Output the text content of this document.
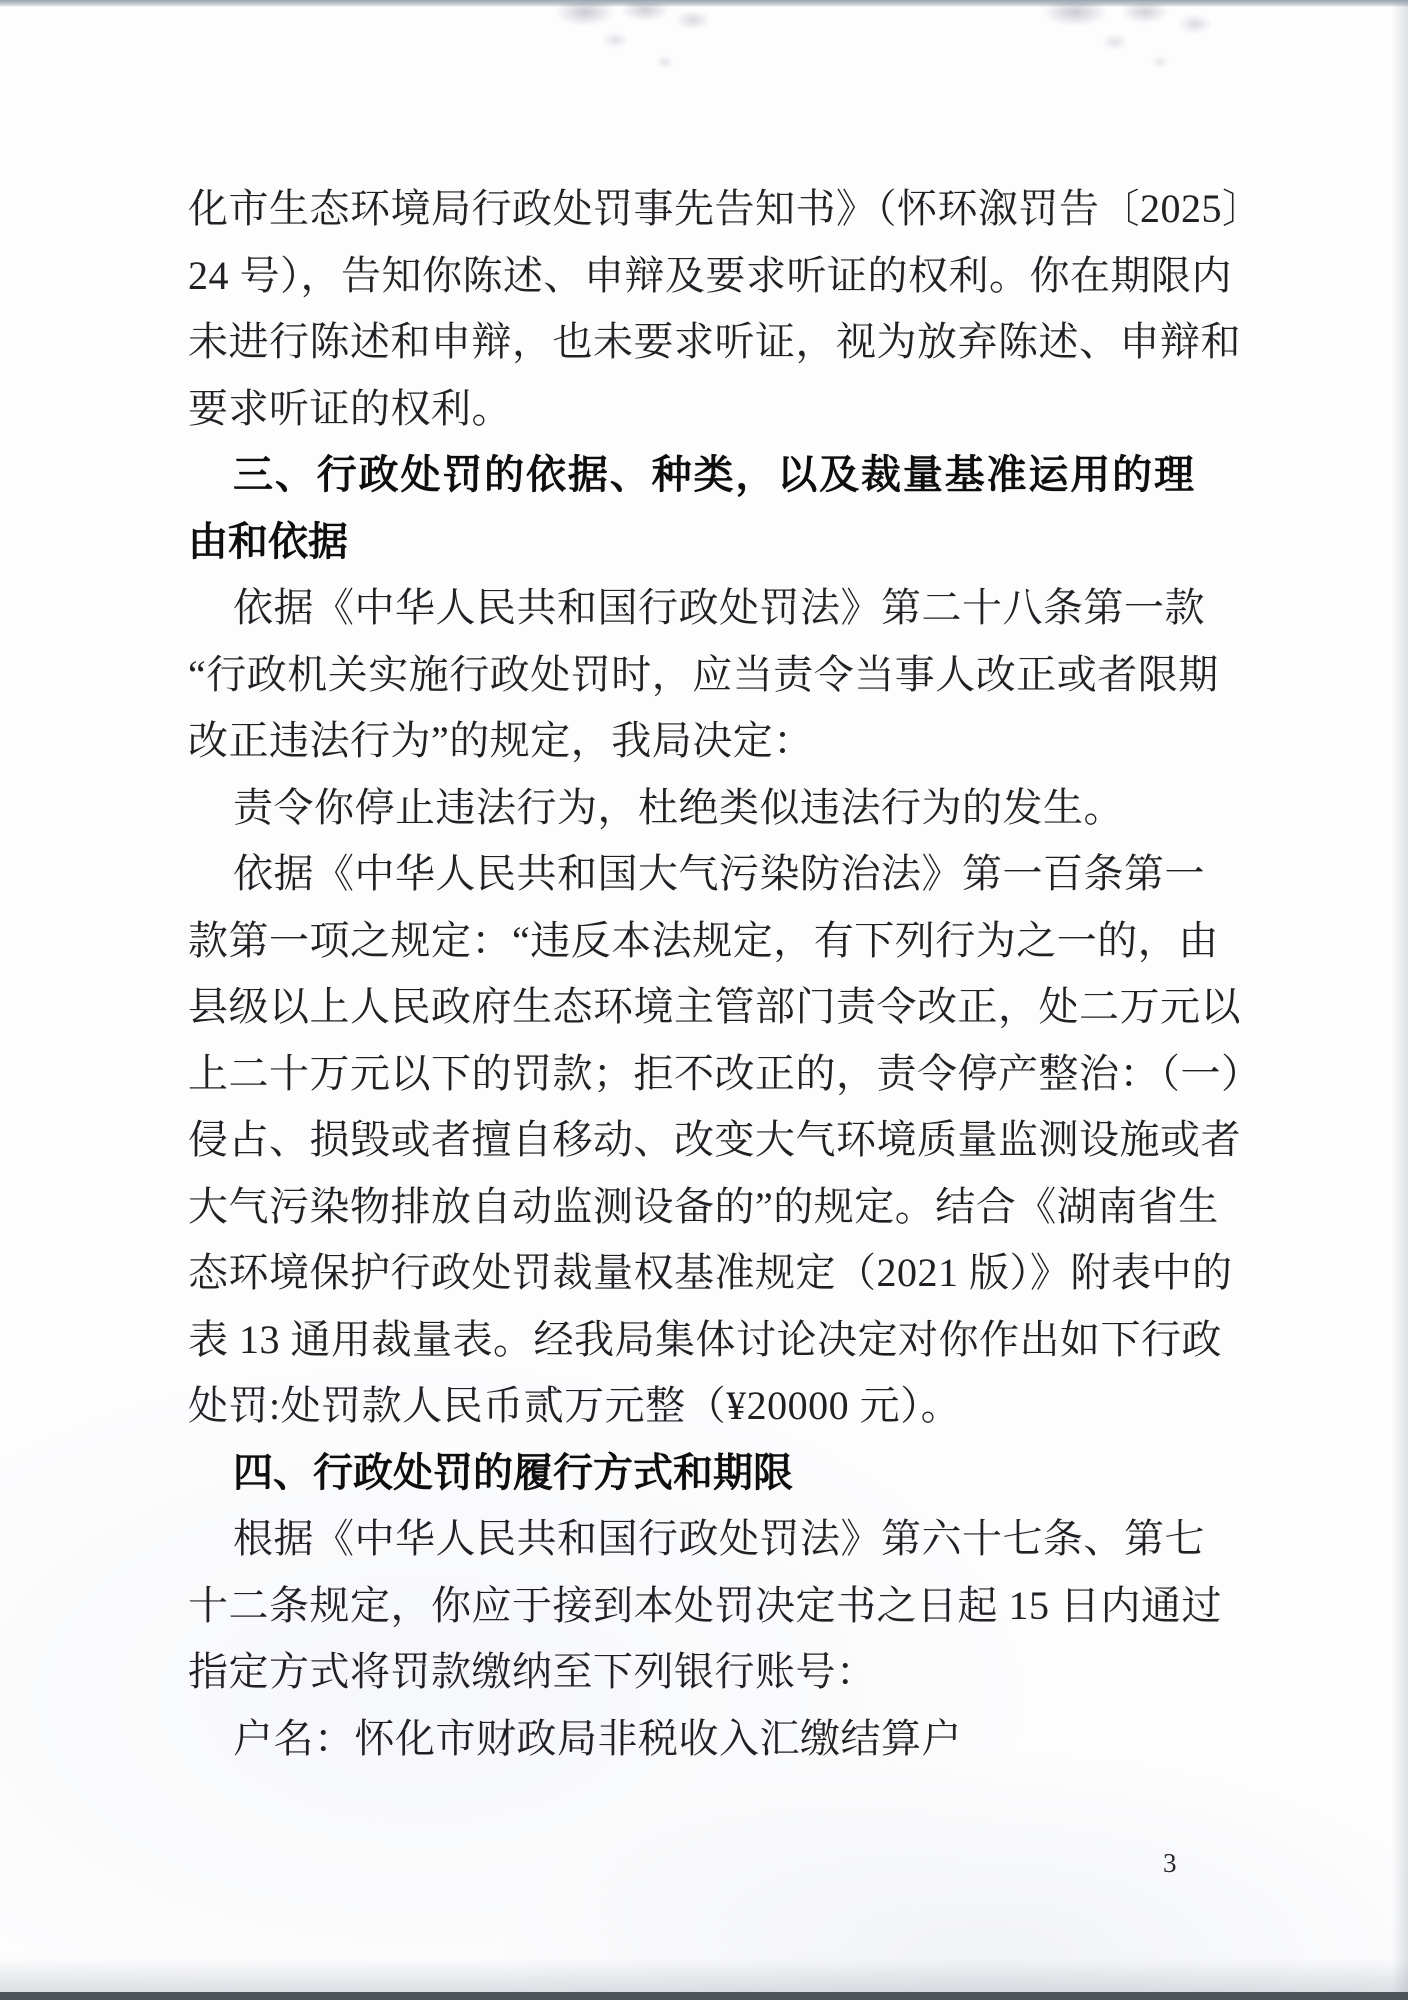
化市生态环境局行政处罚事先告知书》（怀环溆罚告〔2025〕
24 号），告知你陈述、申辩及要求听证的权利。你在期限内
未进行陈述和申辩，也未要求听证，视为放弃陈述、申辩和
要求听证的权利。
三、行政处罚的依据、种类，以及裁量基准运用的理
由和依据
依据《中华人民共和国行政处罚法》第二十八条第一款
“行政机关实施行政处罚时，应当责令当事人改正或者限期
改正违法行为”的规定，我局决定：
责令你停止违法行为，杜绝类似违法行为的发生。
依据《中华人民共和国大气污染防治法》第一百条第一
款第一项之规定：“违反本法规定，有下列行为之一的，由
县级以上人民政府生态环境主管部门责令改正，处二万元以
上二十万元以下的罚款；拒不改正的，责令停产整治：（一）
侵占、损毁或者擅自移动、改变大气环境质量监测设施或者
大气污染物排放自动监测设备的”的规定。结合《湖南省生
态环境保护行政处罚裁量权基准规定（2021 版）》附表中的
表 13 通用裁量表。经我局集体讨论决定对你作出如下行政
处罚:处罚款人民币贰万元整（¥20000 元）。
四、行政处罚的履行方式和期限
根据《中华人民共和国行政处罚法》第六十七条、第七
十二条规定，你应于接到本处罚决定书之日起 15 日内通过
指定方式将罚款缴纳至下列银行账号：
户名：怀化市财政局非税收入汇缴结算户
3
